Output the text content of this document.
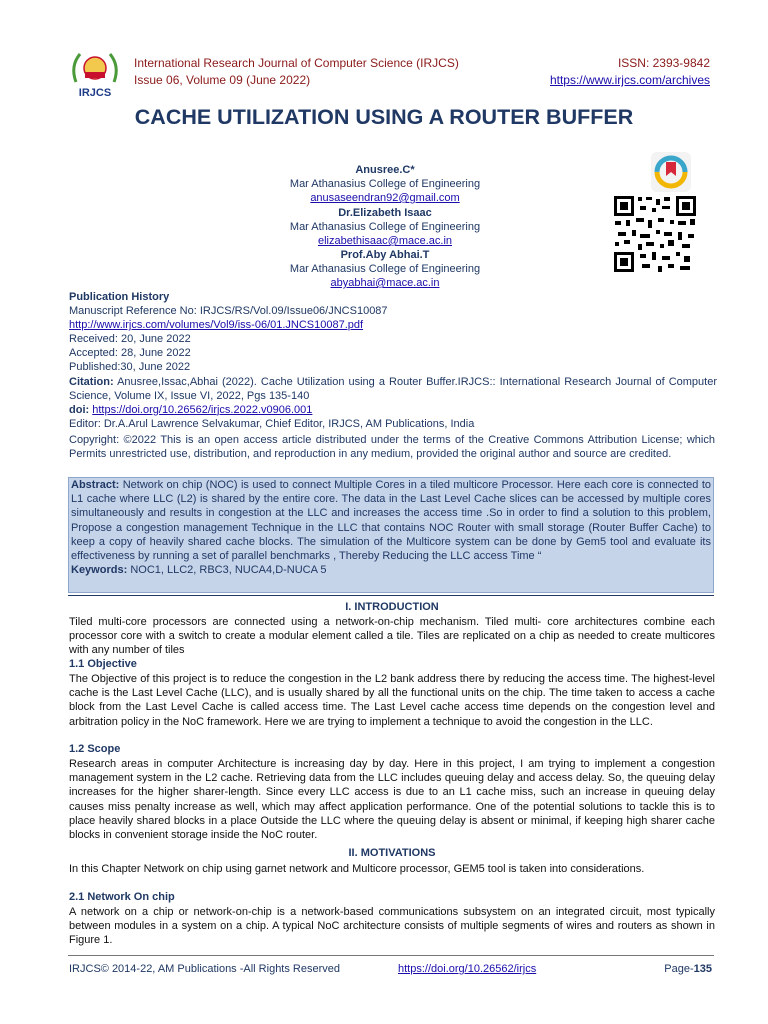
IRJCS
International Research Journal of Computer Science (IRJCS)
Issue 06, Volume 09 (June 2022)
ISSN: 2393-9842
https://www.irjcs.com/archives
CACHE UTILIZATION USING A ROUTER BUFFER
Anusree.C*
Mar Athanasius College of Engineering
anusaseendran92@gmail.com
Dr.Elizabeth Isaac
Mar Athanasius College of Engineering
elizabethisaac@mace.ac.in
Prof.Aby Abhai.T
Mar Athanasius College of Engineering
abyabhai@mace.ac.in
Publication History
Manuscript Reference No: IRJCS/RS/Vol.09/Issue06/JNCS10087
http://www.irjcs.com/volumes/Vol9/iss-06/01.JNCS10087.pdf
Received: 20, June 2022
Accepted: 28, June 2022
Published:30, June 2022
Citation: Anusree,Issac,Abhai (2022). Cache Utilization using a Router Buffer.IRJCS:: International Research Journal of Computer Science, Volume IX, Issue VI, 2022, Pgs 135-140
doi: https://doi.org/10.26562/irjcs.2022.v0906.001
Editor: Dr.A.Arul Lawrence Selvakumar, Chief Editor, IRJCS, AM Publications, India
Copyright: ©2022 This is an open access article distributed under the terms of the Creative Commons Attribution License; which Permits unrestricted use, distribution, and reproduction in any medium, provided the original author and source are credited.
Abstract: Network on chip (NOC) is used to connect Multiple Cores in a tiled multicore Processor. Here each core is connected to L1 cache where LLC (L2) is shared by the entire core. The data in the Last Level Cache slices can be accessed by multiple cores simultaneously and results in congestion at the LLC and increases the access time .So in order to find a solution to this problem, Propose a congestion management Technique in the LLC that contains NOC Router with small storage (Router Buffer Cache) to keep a copy of heavily shared cache blocks. The simulation of the Multicore system can be done by Gem5 tool and evaluate its effectiveness by running a set of parallel benchmarks , Thereby Reducing the LLC access Time “
Keywords: NOC1, LLC2, RBC3, NUCA4,D-NUCA 5
I. INTRODUCTION
Tiled multi-core processors are connected using a network-on-chip mechanism. Tiled multi- core architectures combine each processor core with a switch to create a modular element called a tile. Tiles are replicated on a chip as needed to create multicores with any number of tiles
1.1 Objective
The Objective of this project is to reduce the congestion in the L2 bank address there by reducing the access time. The highest-level cache is the Last Level Cache (LLC), and is usually shared by all the functional units on the chip. The time taken to access a cache block from the Last Level Cache is called access time. The Last Level cache access time depends on the congestion level and arbitration policy in the NoC framework. Here we are trying to implement a technique to avoid the congestion in the LLC.
1.2 Scope
Research areas in computer Architecture is increasing day by day. Here in this project, I am trying to implement a congestion management system in the L2 cache. Retrieving data from the LLC includes queuing delay and access delay. So, the queuing delay increases for the higher sharer-length. Since every LLC access is due to an L1 cache miss, such an increase in queuing delay causes miss penalty increase as well, which may affect application performance. One of the potential solutions to tackle this is to place heavily shared blocks in a place Outside the LLC where the queuing delay is absent or minimal, if keeping high sharer cache blocks in convenient storage inside the NoC router.
II. MOTIVATIONS
In this Chapter Network on chip using garnet network and Multicore processor, GEM5 tool is taken into considerations.
2.1 Network On chip
A network on a chip or network-on-chip is a network-based communications subsystem on an integrated circuit, most typically between modules in a system on a chip. A typical NoC architecture consists of multiple segments of wires and routers as shown in Figure 1.
IRJCS© 2014-22, AM Publications -All Rights Reserved	https://doi.org/10.26562/irjcs	Page-135
